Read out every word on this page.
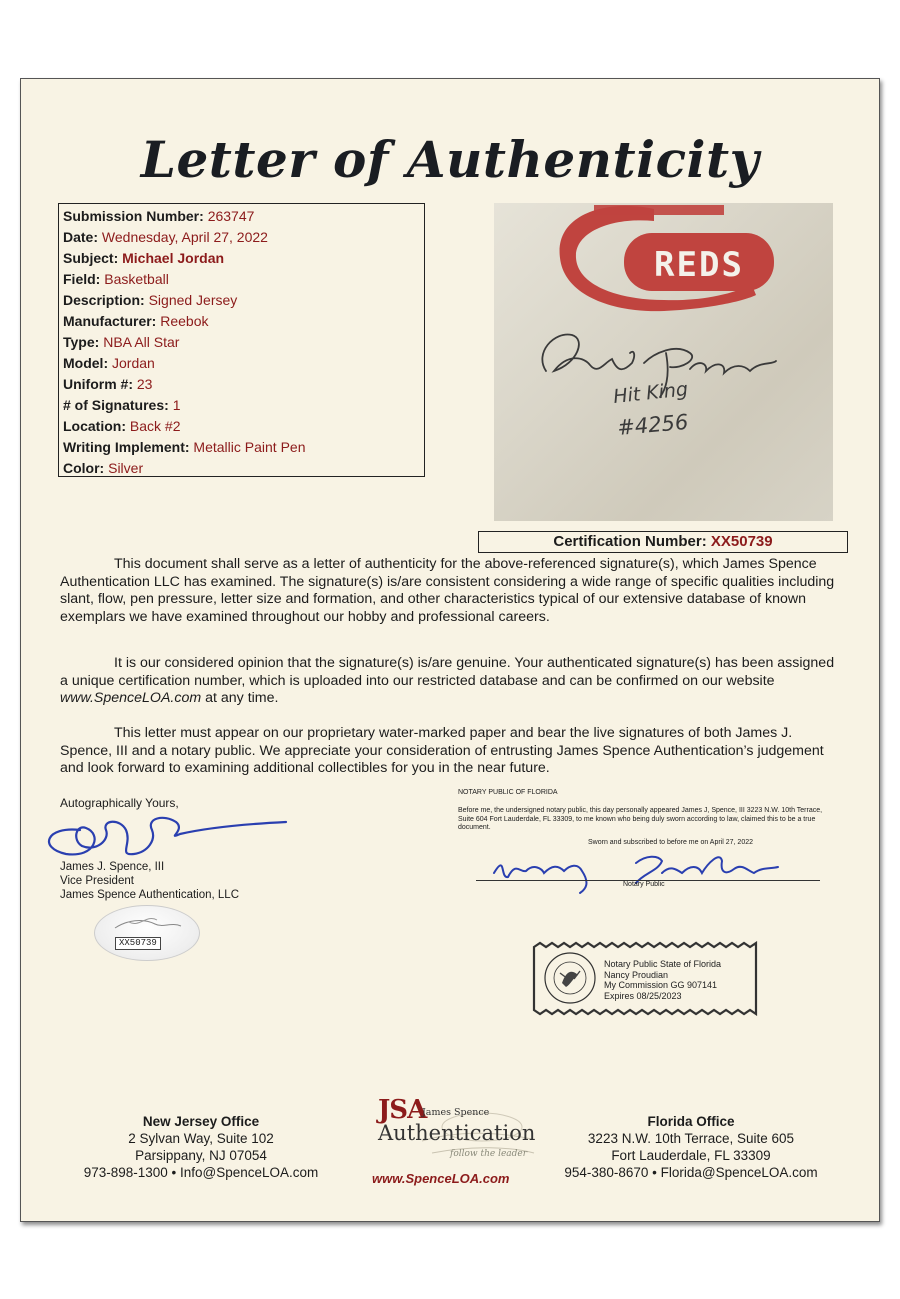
Letter of Authenticity
Submission Number: 263747
Date: Wednesday, April 27, 2022
Subject: Michael Jordan
Field: Basketball
Description: Signed Jersey
Manufacturer: Reebok
Type: NBA All Star
Model: Jordan
Uniform #: 23
# of Signatures: 1
Location: Back #2
Writing Implement: Metallic Paint Pen
Color: Silver
REDS
Hit King
#4256
Certification Number: XX50739

This document shall serve as a letter of authenticity for the above-referenced signature(s), which James Spence Authentication LLC has examined. The signature(s) is/are consistent considering a wide range of specific qualities including slant, flow, pen pressure, letter size and formation, and other characteristics typical of our extensive database of known exemplars we have examined throughout our hobby and professional careers.

It is our considered opinion that the signature(s) is/are genuine. Your authenticated signature(s) has been assigned a unique certification number, which is uploaded into our restricted database and can be confirmed on our website www.SpenceLOA.com at any time.

This letter must appear on our proprietary water-marked paper and bear the live signatures of both James J. Spence, III and a notary public. We appreciate your consideration of entrusting James Spence Authentication’s judgement and look forward to examining additional collectibles for you in the near future.

Autographically Yours,
James J. Spence, III
Vice President
James Spence Authentication, LLC
XX50739
NOTARY PUBLIC OF FLORIDA
Before me, the undersigned notary public, this day personally appeared James J, Spence, III 3223 N.W. 10th Terrace, Suite 604 Fort Lauderdale, FL 33309, to me known who being duly sworn according to law, claimed this to be a true document.
Sworn and subscribed to before me on April 27, 2022
Notary Public
Notary Public State of Florida
Nancy Proudian
My Commission GG 907141
Expires 08/25/2023
New Jersey Office
2 Sylvan Way, Suite 102
Parsippany, NJ 07054
973-898-1300 • Info@SpenceLOA.com
JSA
James Spence
Authentication
follow the leader
www.SpenceLOA.com
Florida Office
3223 N.W. 10th Terrace, Suite 605
Fort Lauderdale, FL 33309
954-380-8670 • Florida@SpenceLOA.com
